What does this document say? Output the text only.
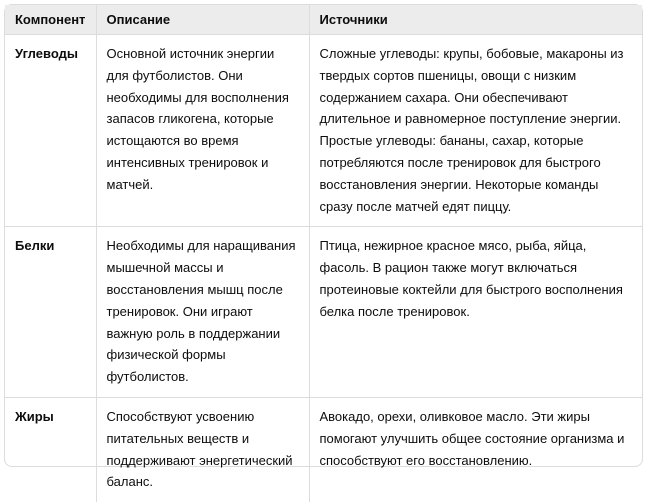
Компонент	Описание	Источники
Углеводы	Основной источник энергии для футболистов. Они необходимы для восполнения запасов гликогена, которые истощаются во время интенсивных тренировок и матчей.	Сложные углеводы: крупы, бобовые, макароны из твердых сортов пшеницы, овощи с низким содержанием сахара. Они обеспечивают длительное и равномерное поступление энергии. Простые углеводы: бананы, сахар, которые потребляются после тренировок для быстрого восстановления энергии. Некоторые команды сразу после матчей едят пиццу.
Белки	Необходимы для наращивания мышечной массы и восстановления мышц после тренировок. Они играют важную роль в поддержании физической формы футболистов.	Птица, нежирное красное мясо, рыба, яйца, фасоль. В рацион также могут включаться протеиновые коктейли для быстрого восполнения белка после тренировок.
Жиры	Способствуют усвоению питательных веществ и поддерживают энергетический баланс.	Авокадо, орехи, оливковое масло. Эти жиры помогают улучшить общее состояние организма и способствуют его восстановлению.
